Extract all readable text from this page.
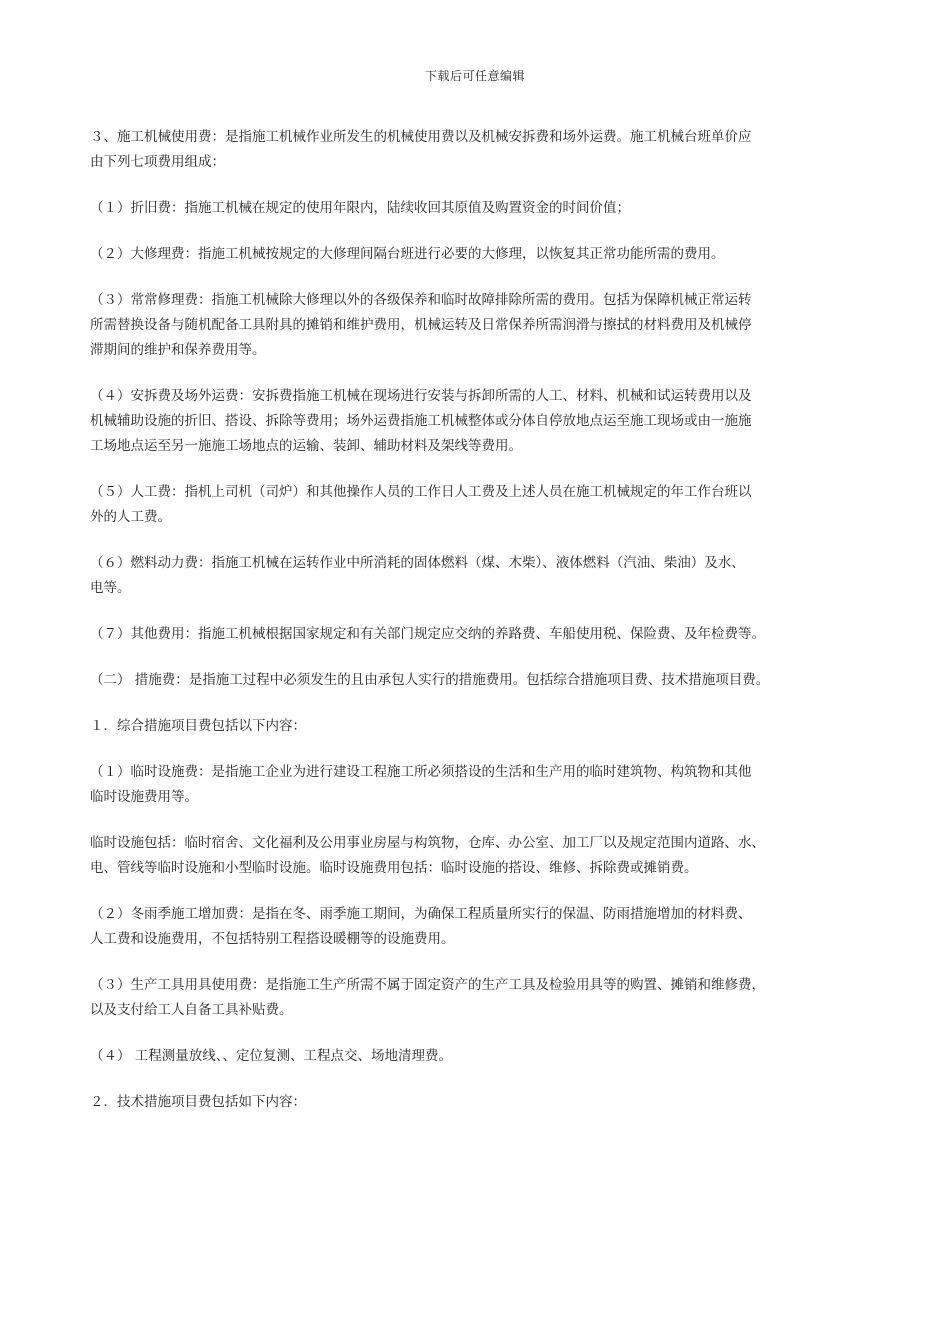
下载后可任意编辑

３、施工机械使用费：是指施工机械作业所发生的机械使用费以及机械安拆费和场外运费。施工机械台班单价应
由下列七项费用组成：

（１）折旧费：指施工机械在规定的使用年限内，陆续收回其原值及购置资金的时间价值；

（２）大修理费：指施工机械按规定的大修理间隔台班进行必要的大修理，以恢复其正常功能所需的费用。

（３）常常修理费：指施工机械除大修理以外的各级保养和临时故障排除所需的费用。包括为保障机械正常运转
所需替换设备与随机配备工具附具的摊销和维护费用，机械运转及日常保养所需润滑与擦拭的材料费用及机械停
滞期间的维护和保养费用等。

（４）安拆费及场外运费：安拆费指施工机械在现场进行安装与拆卸所需的人工、材料、机械和试运转费用以及
机械辅助设施的折旧、搭设、拆除等费用；场外运费指施工机械整体或分体自停放地点运至施工现场或由一施施
工场地点运至另一施施工场地点的运输、装卸、辅助材料及架线等费用。

（５）人工费：指机上司机（司炉）和其他操作人员的工作日人工费及上述人员在施工机械规定的年工作台班以
外的人工费。

（６）燃料动力费：指施工机械在运转作业中所消耗的固体燃料（煤、木柴）、液体燃料（汽油、柴油）及水、
电等。

（７）其他费用：指施工机械根据国家规定和有关部门规定应交纳的养路费、车船使用税、保险费、及年检费等。

（二） 措施费：是指施工过程中必须发生的且由承包人实行的措施费用。包括综合措施项目费、技术措施项目费。

１．综合措施项目费包括以下内容：

（１）临时设施费：是指施工企业为进行建设工程施工所必须搭设的生活和生产用的临时建筑物、构筑物和其他
临时设施费用等。

临时设施包括：临时宿舍、文化福利及公用事业房屋与构筑物，仓库、办公室、加工厂以及规定范围内道路、水、
电、管线等临时设施和小型临时设施。临时设施费用包括：临时设施的搭设、维修、拆除费或摊销费。

（２）冬雨季施工增加费：是指在冬、雨季施工期间，为确保工程质量所实行的保温、防雨措施增加的材料费、
人工费和设施费用，不包括特别工程搭设暖棚等的设施费用。

（３）生产工具用具使用费：是指施工生产所需不属于固定资产的生产工具及检验用具等的购置、摊销和维修费，
以及支付给工人自备工具补贴费。

（４） 工程测量放线、、定位复测、工程点交、场地清理费。

２．技术措施项目费包括如下内容：
